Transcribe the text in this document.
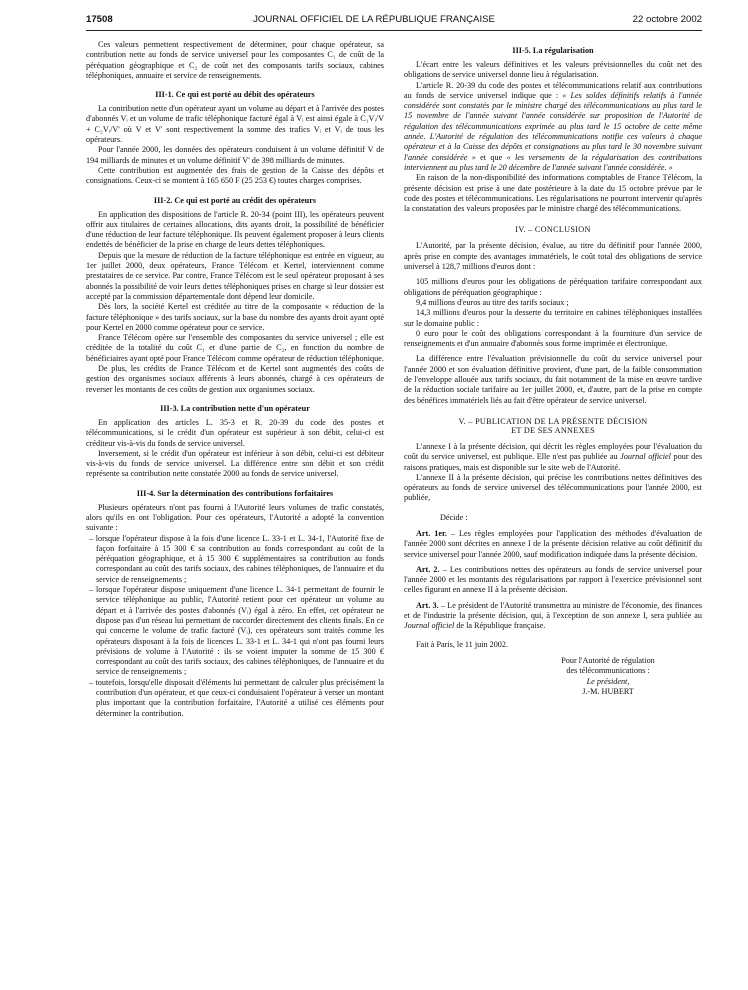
17508	JOURNAL OFFICIEL DE LA RÉPUBLIQUE FRANÇAISE	22 octobre 2002

Ces valeurs permettent respectivement de déterminer, pour chaque opérateur, sa contribution nette au fonds de service universel pour les composantes C₁ de coût de la péréquation géographique et C₂ de coût net des composants tarifs sociaux, cabines téléphoniques, annuaire et service de renseignements.

III-1. Ce qui est porté au débit des opérateurs

La contribution nette d'un opérateur ayant un volume au départ et à l'arrivée des postes d'abonnés Vᵢ et un volume de trafic téléphonique facturé égal à Vᵢ est ainsi égale à C₁Vᵢ/V + C₂Vᵢ/V' où V et V' sont respectivement la somme des trafics Vᵢ et Vᵢ de tous les opérateurs.

Pour l'année 2000, les données des opérateurs conduisent à un volume définitif V de 194 milliards de minutes et un volume définitif V' de 398 milliards de minutes.

Cette contribution est augmentée des frais de gestion de la Caisse des dépôts et consignations. Ceux-ci se montent à 165 650 F (25 253 €) toutes charges comprises.

III-2. Ce qui est porté au crédit des opérateurs

En application des dispositions de l'article R. 20-34 (point III), les opérateurs peuvent offrir aux titulaires de certaines allocations, dits ayants droit, la possibilité de bénéficier d'une réduction de leur facture téléphonique. Ils peuvent également proposer à leurs clients endettés de bénéficier de la prise en charge de leurs dettes téléphoniques.

Depuis que la mesure de réduction de la facture téléphonique est entrée en vigueur, au 1er juillet 2000, deux opérateurs, France Télécom et Kertel, interviennent comme prestataires de ce service. Par contre, France Télécom est le seul opérateur proposant à ses abonnés la possibilité de voir leurs dettes téléphoniques prises en charge si leur dossier est accepté par la commission départementale dont dépend leur domicile.

Dès lors, la société Kertel est créditée au titre de la composante « réduction de la facture téléphonique » des tarifs sociaux, sur la base du nombre des ayants droit ayant opté pour Kertel en 2000 comme opérateur pour ce service.

France Télécom opère sur l'ensemble des composantes du service universel ; elle est créditée de la totalité du coût C₁ et d'une partie de C₂, en fonction du nombre de bénéficiaires ayant opté pour France Télécom comme opérateur de réduction téléphonique.

De plus, les crédits de France Télécom et de Kertel sont augmentés des coûts de gestion des organismes sociaux afférents à leurs abonnés, chargé à ces opérateurs de reverser les montants de ces coûts de gestion aux organismes sociaux.

III-3. La contribution nette d'un opérateur

En application des articles L. 35-3 et R. 20-39 du code des postes et télécommunications, si le crédit d'un opérateur est supérieur à son débit, celui-ci est créditeur vis-à-vis du fonds de service universel.

Inversement, si le crédit d'un opérateur est inférieur à son débit, celui-ci est débiteur vis-à-vis du fonds de service universel. La différence entre son débit et son crédit représente sa contribution nette constatée 2000 au fonds de service universel.

III-4. Sur la détermination des contributions forfaitaires

Plusieurs opérateurs n'ont pas fourni à l'Autorité leurs volumes de trafic constatés, alors qu'ils en ont l'obligation. Pour ces opérateurs, l'Autorité a adopté la convention suivante :

– lorsque l'opérateur dispose à la fois d'une licence L. 33-1 et L. 34-1, l'Autorité fixe de façon forfaitaire à 15 300 € sa contribution au fonds correspondant au coût de la péréquation géographique, et à 15 300 € supplémentaires sa contribution au fonds correspondant au coût des tarifs sociaux, des cabines téléphoniques, de l'annuaire et du service de renseignements ;
– lorsque l'opérateur dispose uniquement d'une licence L. 34-1 permettant de fournir le service téléphonique au public, l'Autorité retient pour cet opérateur un volume au départ et à l'arrivée des postes d'abonnés (Vᵢ) égal à zéro. En effet, cet opérateur ne dispose pas d'un réseau lui permettant de raccorder directement des clients finals. En ce qui concerne le volume de trafic facturé (Vᵢ), ces opérateurs sont traités comme les opérateurs disposant à la fois de licences L. 33-1 et L. 34-1 qui n'ont pas fourni leurs prévisions de volume à l'Autorité : ils se voient imputer la somme de 15 300 € correspondant au coût des tarifs sociaux, des cabines téléphoniques, de l'annuaire et du service de renseignements ;
– toutefois, lorsqu'elle disposait d'éléments lui permettant de calculer plus précisément la contribution d'un opérateur, et que ceux-ci conduisaient l'opérateur à verser un montant plus important que la contribution forfaitaire, l'Autorité a utilisé ces éléments pour déterminer la contribution.
III-5. La régularisation

L'écart entre les valeurs définitives et les valeurs prévisionnelles du coût net des obligations de service universel donne lieu à régularisation.

L'article R. 20-39 du code des postes et télécommunications relatif aux contributions au fonds de service universel indique que : « Les soldes définitifs relatifs à l'année considérée sont constatés par le ministre chargé des télécommunications au plus tard le 15 novembre de l'année suivant l'année considérée sur proposition de l'Autorité de régulation des télécommunications exprimée au plus tard le 15 octobre de cette même année. L'Autorité de régulation des télécommunications notifie ces valeurs à chaque opérateur et à la Caisse des dépôts et consignations au plus tard le 30 novembre suivant l'année considérée » et que « les versements de la régularisation des contributions interviennent au plus tard le 20 décembre de l'année suivant l'année considérée. »

En raison de la non-disponibilité des informations comptables de France Télécom, la présente décision est prise à une date postérieure à la date du 15 octobre prévue par le code des postes et télécommunications. Les régularisations ne pourront intervenir qu'après la constatation des valeurs proposées par le ministre chargé des télécommunications.

IV. – CONCLUSION

L'Autorité, par la présente décision, évalue, au titre du définitif pour l'année 2000, après prise en compte des avantages immatériels, le coût total des obligations de service universel à 128,7 millions d'euros dont :

105 millions d'euros pour les obligations de péréquation tarifaire correspondant aux obligations de péréquation géographique :

9,4 millions d'euros au titre des tarifs sociaux ;

14,3 millions d'euros pour la desserte du territoire en cabines téléphoniques installées sur le domaine public :

0 euro pour le coût des obligations correspondant à la fourniture d'un service de renseignements et d'un annuaire d'abonnés sous forme imprimée et électronique.

La différence entre l'évaluation prévisionnelle du coût du service universel pour l'année 2000 et son évaluation définitive provient, d'une part, de la faible consommation de l'enveloppe allouée aux tarifs sociaux, du fait notamment de la mise en œuvre tardive de la réduction sociale tarifaire au 1er juillet 2000, et, d'autre, part de la prise en compte des bénéfices immatériels liés au fait d'être opérateur de service universel.

V. – PUBLICATION DE LA PRÉSENTE DÉCISION
ET DE SES ANNEXES

L'annexe I à la présente décision, qui décrit les règles employées pour l'évaluation du coût du service universel, est publique. Elle n'est pas publiée au Journal officiel pour des raisons pratiques, mais est disponible sur le site web de l'Autorité.

L'annexe II à la présente décision, qui précise les contributions nettes définitives des opérateurs au fonds de service universel des télécommunications pour l'année 2000, est publiée,

Décide :

Art. 1er. – Les règles employées pour l'application des méthodes d'évaluation de l'année 2000 sont décrites en annexe I de la présente décision relative au coût définitif du service universel pour l'année 2000, sauf modification indiquée dans la présente décision.

Art. 2. – Les contributions nettes des opérateurs au fonds de service universel pour l'année 2000 et les montants des régularisations par rapport à l'exercice prévisionnel sont celles figurant en annexe II à la présente décision.

Art. 3. – Le président de l'Autorité transmettra au ministre de l'économie, des finances et de l'industrie la présente décision, qui, à l'exception de son annexe I, sera publiée au Journal officiel de la République française.

Fait à Paris, le 11 juin 2002.

Pour l'Autorité de régulation

des télécommunications :

Le président,

J.-M. HUBERT
